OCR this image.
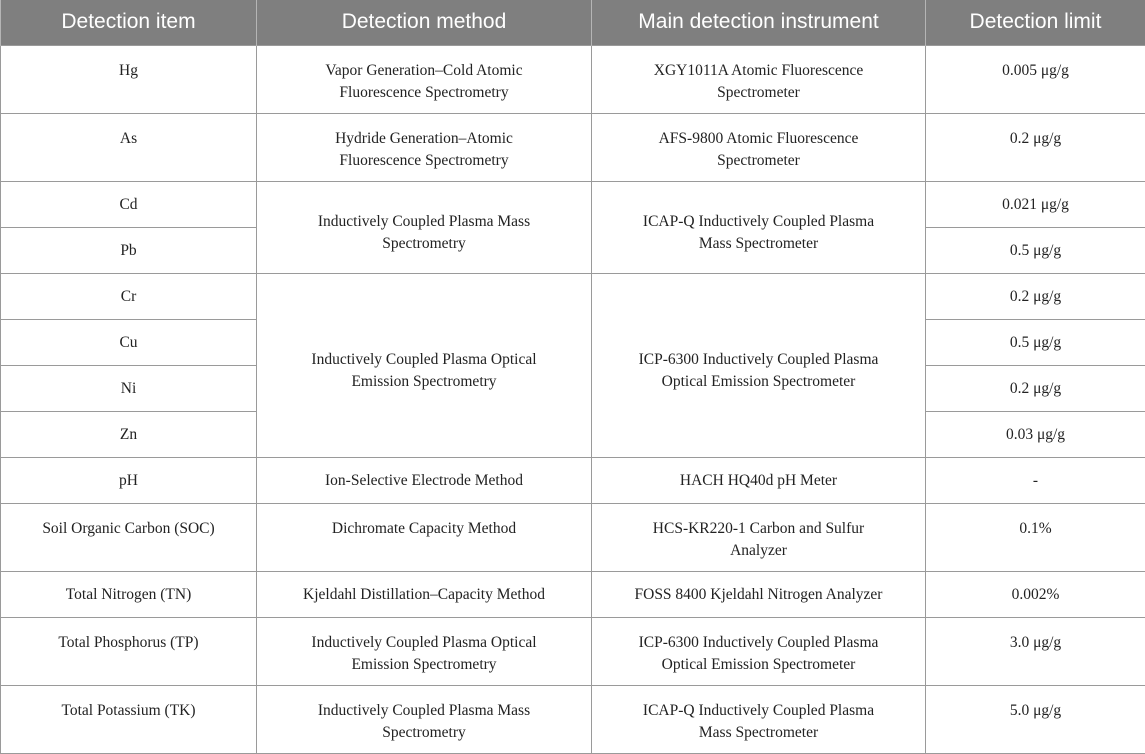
Detection item	Detection method	Main detection instrument	Detection limit
Hg	Vapor Generation–Cold Atomic Fluorescence Spectrometry	XGY1011A Atomic Fluorescence Spectrometer	0.005 μg/g
As	Hydride Generation–Atomic Fluorescence Spectrometry	AFS-9800 Atomic Fluorescence Spectrometer	0.2 μg/g
Cd	Inductively Coupled Plasma Mass Spectrometry	ICAP-Q Inductively Coupled Plasma Mass Spectrometer	0.021 μg/g
Pb			0.5 μg/g
Cr	Inductively Coupled Plasma Optical Emission Spectrometry	ICP-6300 Inductively Coupled Plasma Optical Emission Spectrometer	0.2 μg/g
Cu			0.5 μg/g
Ni			0.2 μg/g
Zn			0.03 μg/g
pH	Ion-Selective Electrode Method	HACH HQ40d pH Meter	-
Soil Organic Carbon (SOC)	Dichromate Capacity Method	HCS-KR220-1 Carbon and Sulfur Analyzer	0.1%
Total Nitrogen (TN)	Kjeldahl Distillation–Capacity Method	FOSS 8400 Kjeldahl Nitrogen Analyzer	0.002%
Total Phosphorus (TP)	Inductively Coupled Plasma Optical Emission Spectrometry	ICP-6300 Inductively Coupled Plasma Optical Emission Spectrometer	3.0 μg/g
Total Potassium (TK)	Inductively Coupled Plasma Mass Spectrometry	ICAP-Q Inductively Coupled Plasma Mass Spectrometer	5.0 μg/g
